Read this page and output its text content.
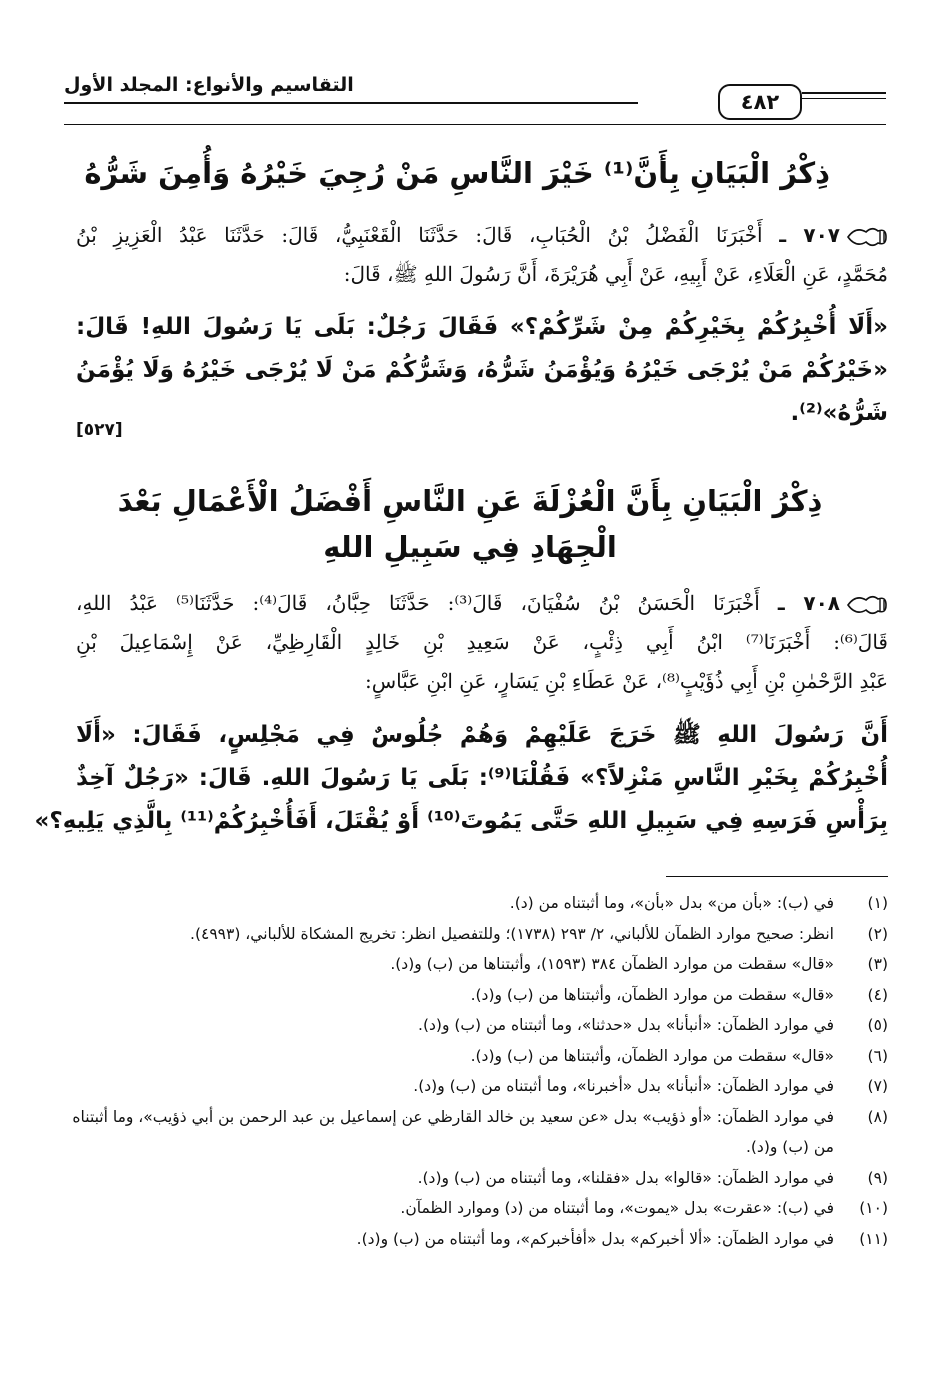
التقاسيم والأنواع: المجلد الأول
٤٨٢
ذِكْرُ الْبَيَانِ بِأَنَّ⁽¹⁾ خَيْرَ النَّاسِ مَنْ رُجِيَ خَيْرُهُ وَأُمِنَ شَرُّهُ
٧٠٧ ـ أَخْبَرَنَا الْفَضْلُ بْنُ الْحُبَابِ، قَالَ: حَدَّثَنَا الْقَعْنَبِيُّ، قَالَ: حَدَّثَنَا عَبْدُ الْعَزِيزِ بْنُ
مُحَمَّدٍ، عَنِ الْعَلَاءِ، عَنْ أَبِيهِ، عَنْ أَبِي هُرَيْرَةَ، أَنَّ رَسُولَ اللهِ ﷺ، قَالَ:
«أَلَا أُخْبِرُكُمْ بِخَيْرِكُمْ مِنْ شَرِّكُمْ؟» فَقَالَ رَجُلٌ: بَلَى يَا رَسُولَ اللهِ! قَالَ:
«خَيْرُكُمْ مَنْ يُرْجَى خَيْرُهُ وَيُؤْمَنُ شَرُّهُ، وَشَرُّكُمْ مَنْ لَا يُرْجَى خَيْرُهُ وَلَا يُؤْمَنُ
شَرُّهُ»⁽²⁾.
[٥٢٧]
ذِكْرُ الْبَيَانِ بِأَنَّ الْعُزْلَةَ عَنِ النَّاسِ أَفْضَلُ الْأَعْمَالِ بَعْدَ
الْجِهَادِ فِي سَبِيلِ اللهِ
٧٠٨ ـ أَخْبَرَنَا الْحَسَنُ بْنُ سُفْيَانَ، قَالَ⁽³⁾: حَدَّثَنَا حِبَّانُ، قَالَ⁽⁴⁾: حَدَّثَنَا⁽⁵⁾ عَبْدُ اللهِ،
قَالَ⁽⁶⁾: أَخْبَرَنَا⁽⁷⁾ ابْنُ أَبِي ذِئْبٍ، عَنْ سَعِيدِ بْنِ خَالِدٍ الْقَارِظِيِّ، عَنْ إِسْمَاعِيلَ بْنِ
عَبْدِ الرَّحْمٰنِ بْنِ أَبِي ذُؤَيْبٍ⁽⁸⁾، عَنْ عَطَاءِ بْنِ يَسَارٍ، عَنِ ابْنِ عَبَّاسٍ:
أَنَّ رَسُولَ اللهِ ﷺ خَرَجَ عَلَيْهِمْ وَهُمْ جُلُوسٌ فِي مَجْلِسٍ، فَقَالَ: «أَلَا
أُخْبِرُكُمْ بِخَيْرِ النَّاسِ مَنْزِلاً؟» فَقُلْنَا⁽⁹⁾: بَلَى يَا رَسُولَ اللهِ. قَالَ: «رَجُلٌ آخِذٌ
بِرَأْسِ فَرَسِهِ فِي سَبِيلِ اللهِ حَتَّى يَمُوتَ⁽¹⁰⁾ أَوْ يُقْتَلَ، أَفَأُخْبِرُكُمْ⁽¹¹⁾ بِالَّذِي يَلِيهِ؟»
(١)
في (ب): «بأن من» بدل «بأن»، وما أثبتناه من (د).
(٢)
انظر: صحيح موارد الظمآن للألباني، ٢/ ٢٩٣ (١٧٣٨)؛ وللتفصيل انظر: تخريج المشكاة للألباني، (٤٩٩٣).
(٣)
«قال» سقطت من موارد الظمآن ٣٨٤ (١٥٩٣)، وأثبتناها من (ب) و(د).
(٤)
«قال» سقطت من موارد الظمآن، وأثبتناها من (ب) و(د).
(٥)
في موارد الظمآن: «أنبأنا» بدل «حدثنا»، وما أثبتناه من (ب) و(د).
(٦)
«قال» سقطت من موارد الظمآن، وأثبتناها من (ب) و(د).
(٧)
في موارد الظمآن: «أنبأنا» بدل «أخبرنا»، وما أثبتناه من (ب) و(د).
(٨)
في موارد الظمآن: «أو ذؤيب» بدل «عن سعيد بن خالد القارظي عن إسماعيل بن عبد الرحمن بن أبي ذؤيب»، وما أثبتناه من (ب) و(د).
(٩)
في موارد الظمآن: «قالوا» بدل «فقلنا»، وما أثبتناه من (ب) و(د).
(١٠)
في (ب): «عقرت» بدل «يموت»، وما أثبتناه من (د) وموارد الظمآن.
(١١)
في موارد الظمآن: «ألا أخبركم» بدل «أفأخبركم»، وما أثبتناه من (ب) و(د).
